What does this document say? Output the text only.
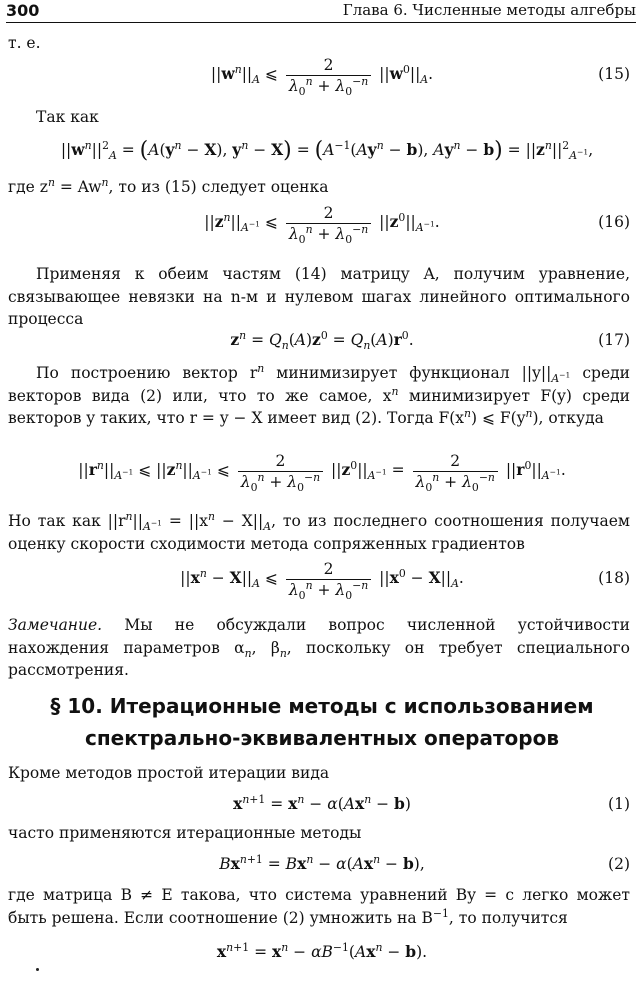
300	Глава 6. Численные методы алгебры

т. е.

$||w^n||_A$ ⩽ $\frac{2}{\lambda_0^n + \lambda_0^{-n}} ||w^0||_A$.	(15)

Так как

$||w^n||^2_A = (A(y^n - X)$, $y^n - X) = (A^{-1}(Ay^n - b)$, $Ay^n - b) = ||z^n||^2_{A^{-1}}$,

где $z^n = Aw^n$, то из (15) следует оценка

$||z^n||_{A^{-1}}$ ⩽ $\frac{2}{\lambda_0^n + \lambda_0^{-n}} ||z^0||_{A^{-1}}$.	(16)

Применяя к обеим частям (14) матрицу A, получим уравнение, связывающее невязки на n-м и нулевом шагах линейного оптимального процесса

$z^n = Q_n(A)z^0 = Q_n(A)r^0$.	(17)

По построению вектор $r^n$ минимизирует функционал $||y||_{A^{-1}}$ среди векторов вида (2) или, что то же самое, $x^n$ минимизирует F(y) среди векторов y таких, что r = y − X имеет вид (2). Тогда $F(x^n)$ ⩽ $F(y^n)$, откуда

$||r^n||_{A^{-1}}$ ⩽ $||z^n||_{A^{-1}}$ ⩽ $\frac{2}{\lambda_0^n + \lambda_0^{-n}} ||z^0||_{A^{-1}} = \frac{2}{\lambda_0^n + \lambda_0^{-n}} ||r^0||_{A^{-1}}$.

Но так как $||r^n||_{A^{-1}} = ||x^n - X||_A$, то из последнего соотношения получаем оценку скорости сходимости метода сопряженных градиентов

$||x^n - X||_A$ ⩽ $\frac{2}{\lambda_0^n + \lambda_0^{-n}} ||x^0 - X||_A$.	(18)

Замечание. Мы не обсуждали вопрос численной устойчивости нахождения параметров $\alpha_n$, $\beta_n$, поскольку он требует специального рассмотрения.

§ 10. Итерационные методы с использованием
спектрально-эквивалентных операторов

Кроме методов простой итерации вида

$x^{n+1} = x^n - \alpha(Ax^n - b)$	(1)

часто применяются итерационные методы

$Bx^{n+1} = Bx^n - \alpha(Ax^n - b)$,	(2)

где матрица B ≠ E такова, что система уравнений By = c легко может быть решена. Если соотношение (2) умножить на $B^{-1}$, то получится

$x^{n+1} = x^n - \alpha B^{-1}(Ax^n - b)$.
